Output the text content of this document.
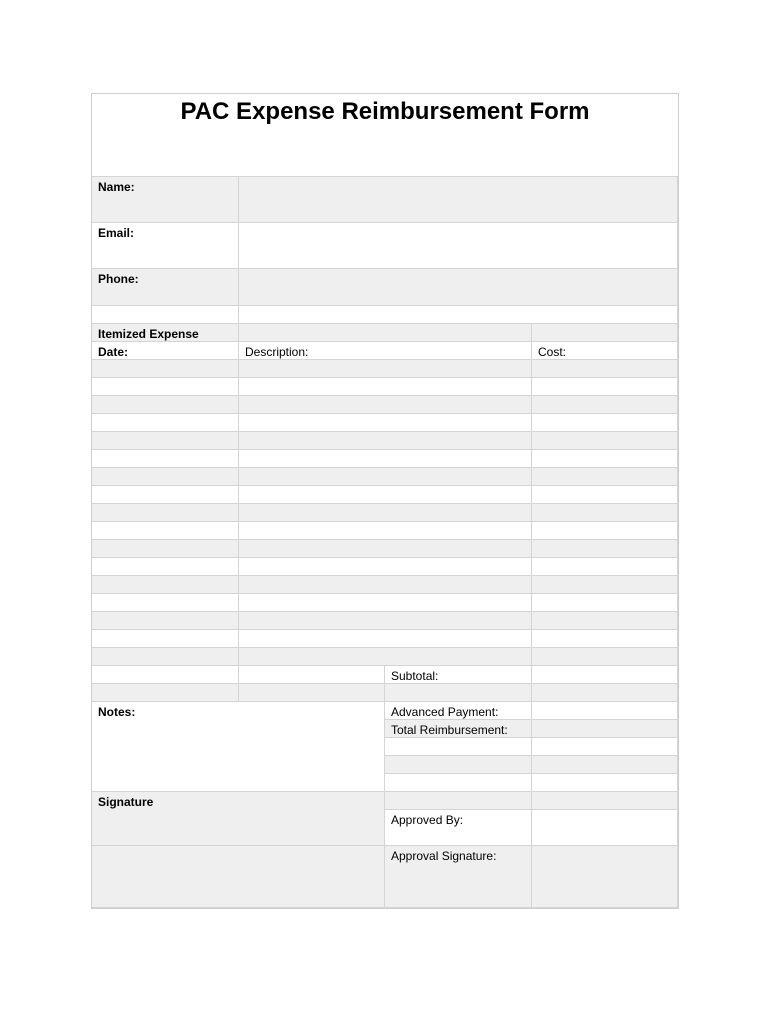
PAC Expense Reimbursement Form
Name:
Email:
Phone:
Itemized Expense
Date:	Description:	Cost:
Subtotal:
Notes:	Advanced Payment:
Total Reimbursement:
Signature
Approved By:
Approval Signature:
